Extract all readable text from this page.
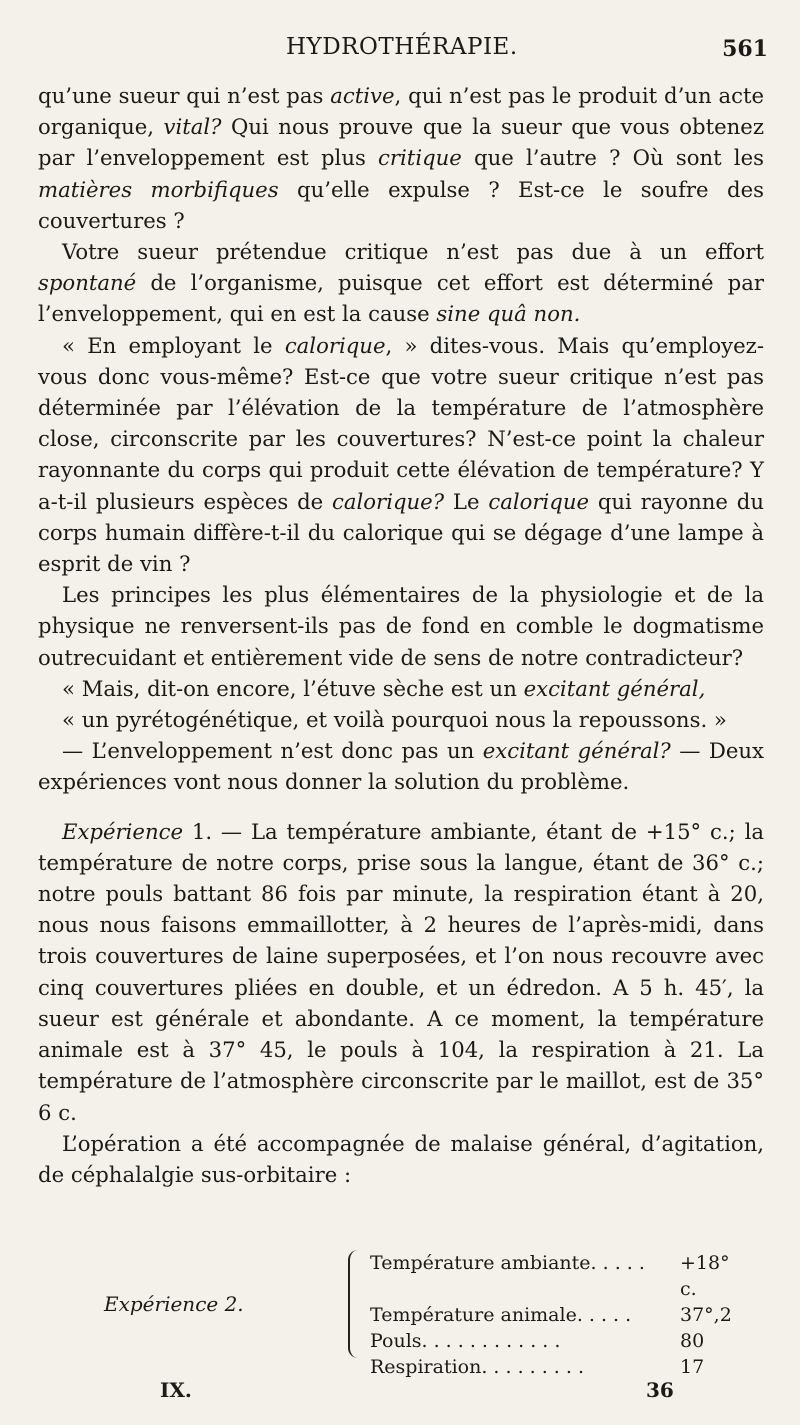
HYDROTHÉRAPIE.	561

qu’une sueur qui n’est pas active, qui n’est pas le produit d’un acte organique, vital? Qui nous prouve que la sueur que vous obtenez par l’enveloppement est plus critique que l’autre ? Où sont les matières morbifiques qu’elle expulse ? Est-ce le soufre des couvertures ?

Votre sueur prétendue critique n’est pas due à un effort spontané de l’organisme, puisque cet effort est déterminé par l’enveloppement, qui en est la cause sine quâ non.

« En employant le calorique, » dites-vous. Mais qu’employez-vous donc vous-même? Est-ce que votre sueur critique n’est pas déterminée par l’élévation de la température de l’atmosphère close, circonscrite par les couvertures? N’est-ce point la chaleur rayonnante du corps qui produit cette élévation de température? Y a-t-il plusieurs espèces de calorique? Le calorique qui rayonne du corps humain diffère-t-il du calorique qui se dégage d’une lampe à esprit de vin ?

Les principes les plus élémentaires de la physiologie et de la physique ne renversent-ils pas de fond en comble le dogmatisme outrecuidant et entièrement vide de sens de notre contradicteur?

« Mais, dit-on encore, l’étuve sèche est un excitant général,

« un pyrétogénétique, et voilà pourquoi nous la repoussons. »

— L’enveloppement n’est donc pas un excitant général? — Deux expériences vont nous donner la solution du problème.

Expérience 1. — La température ambiante, étant de +15° c.; la température de notre corps, prise sous la langue, étant de 36° c.; notre pouls battant 86 fois par minute, la respiration étant à 20, nous nous faisons emmaillotter, à 2 heures de l’après-midi, dans trois couvertures de laine superposées, et l’on nous recouvre avec cinq couvertures pliées en double, et un édredon. A 5 h. 45′, la sueur est générale et abondante. A ce moment, la température animale est à 37° 45, le pouls à 104, la respiration à 21. La température de l’atmosphère circonscrite par le maillot, est de 35° 6 c.

L’opération a été accompagnée de malaise général, d’agitation, de céphalalgie sus-orbitaire :

Expérience 2.
Température ambiante. . . . . +18° c.
Température animale. . . . .	37°,2
Pouls. . . . . . . . . . . .	80
Respiration. . . . . . . . .	17
IX.	36
